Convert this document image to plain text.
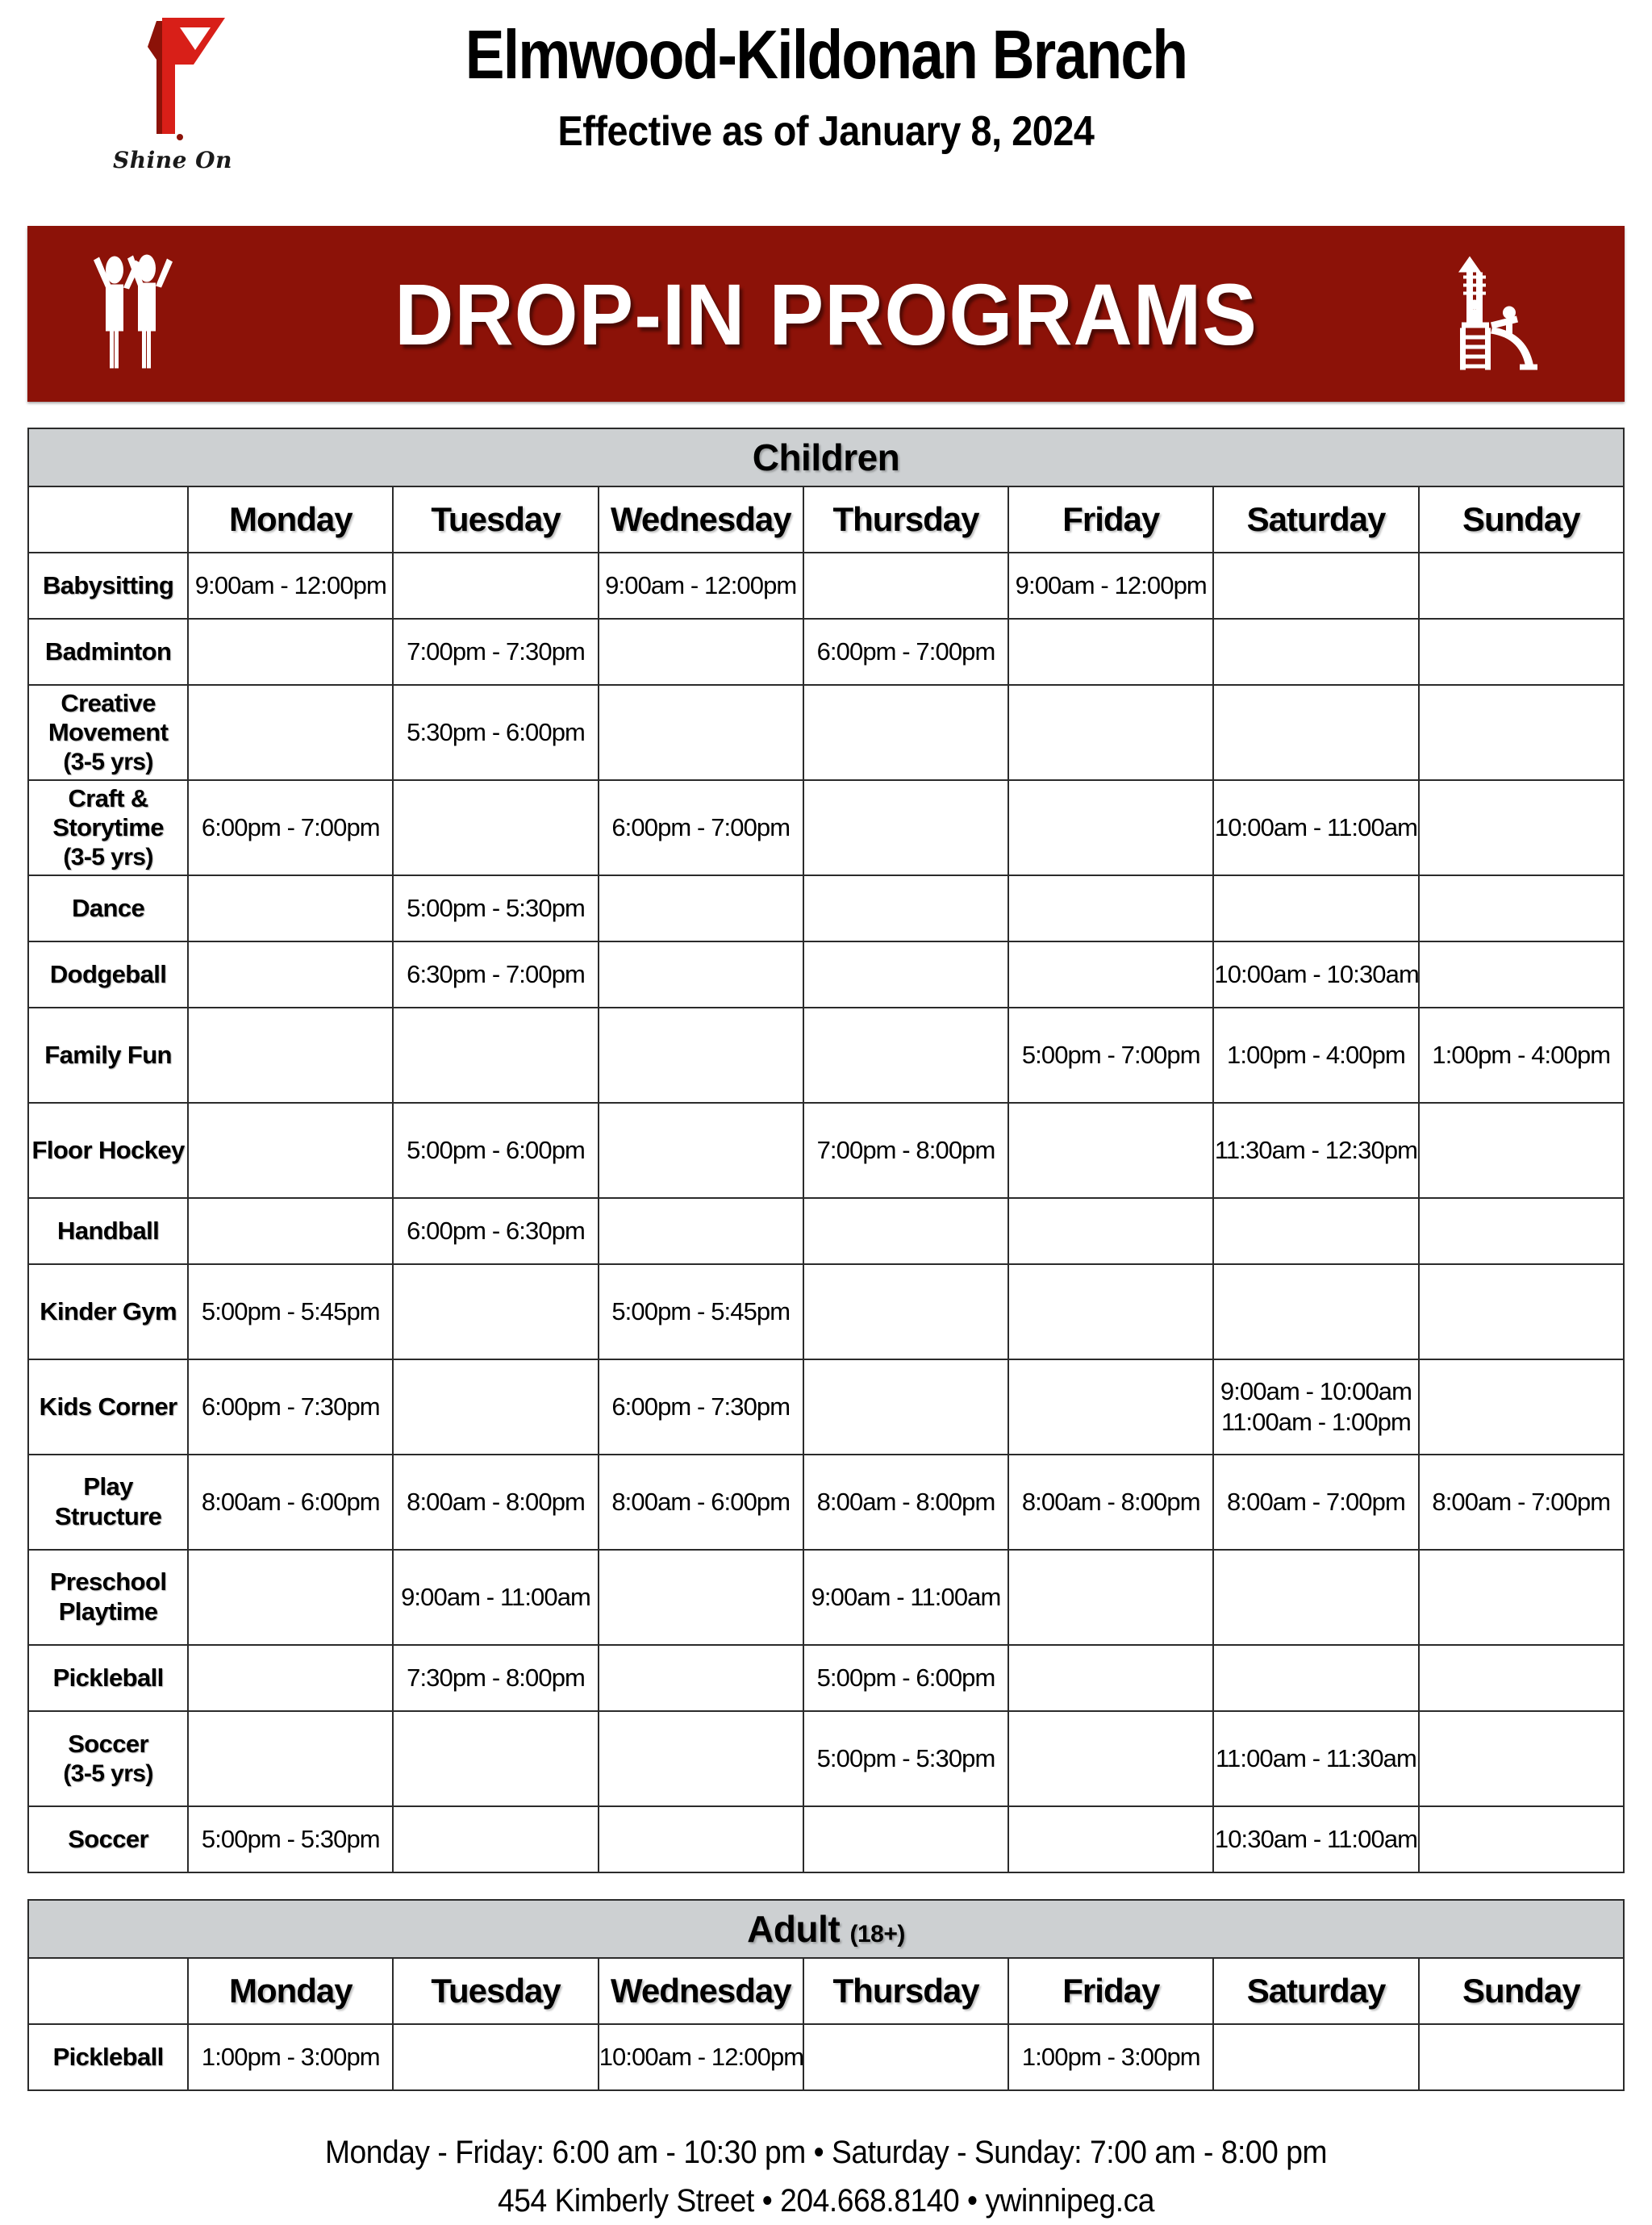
Shine On
Elmwood-Kildonan Branch
Effective as of January 8, 2024
DROP-IN PROGRAMS
Children							
	Monday	Tuesday	Wednesday	Thursday	Friday	Saturday	Sunday
Babysitting	9:00am - 12:00pm		9:00am - 12:00pm		9:00am - 12:00pm		
Badminton		7:00pm - 7:30pm		6:00pm - 7:00pm			
Creative Movement
(3-5 yrs)		5:30pm - 6:00pm					
Craft & Storytime
(3-5 yrs)	6:00pm - 7:00pm		6:00pm - 7:00pm			10:00am - 11:00am	
Dance		5:00pm - 5:30pm					
Dodgeball		6:30pm - 7:00pm				10:00am - 10:30am	
Family Fun					5:00pm - 7:00pm	1:00pm - 4:00pm	1:00pm - 4:00pm
Floor Hockey		5:00pm - 6:00pm		7:00pm - 8:00pm		11:30am - 12:30pm	
Handball		6:00pm - 6:30pm					
Kinder Gym	5:00pm - 5:45pm		5:00pm - 5:45pm				
Kids Corner	6:00pm - 7:30pm		6:00pm - 7:30pm			9:00am - 10:00am
11:00am - 1:00pm	

Play Structure	8:00am - 6:00pm	8:00am - 8:00pm	8:00am - 6:00pm	8:00am - 8:00pm	8:00am - 8:00pm	8:00am - 7:00pm	8:00am - 7:00pm
Preschool Playtime		9:00am - 11:00am		9:00am - 11:00am			
Pickleball		7:30pm - 8:00pm		5:00pm - 6:00pm			
Soccer
(3-5 yrs)				5:00pm - 5:30pm		11:00am - 11:30am	
Soccer	5:00pm - 5:30pm					10:30am - 11:00am	
Adult (18+)							
	Monday	Tuesday	Wednesday	Thursday	Friday	Saturday	Sunday
Pickleball	1:00pm - 3:00pm		10:00am - 12:00pm		1:00pm - 3:00pm		
Monday - Friday: 6:00 am - 10:30 pm • Saturday - Sunday: 7:00 am - 8:00 pm
454 Kimberly Street • 204.668.8140 • ywinnipeg.ca
